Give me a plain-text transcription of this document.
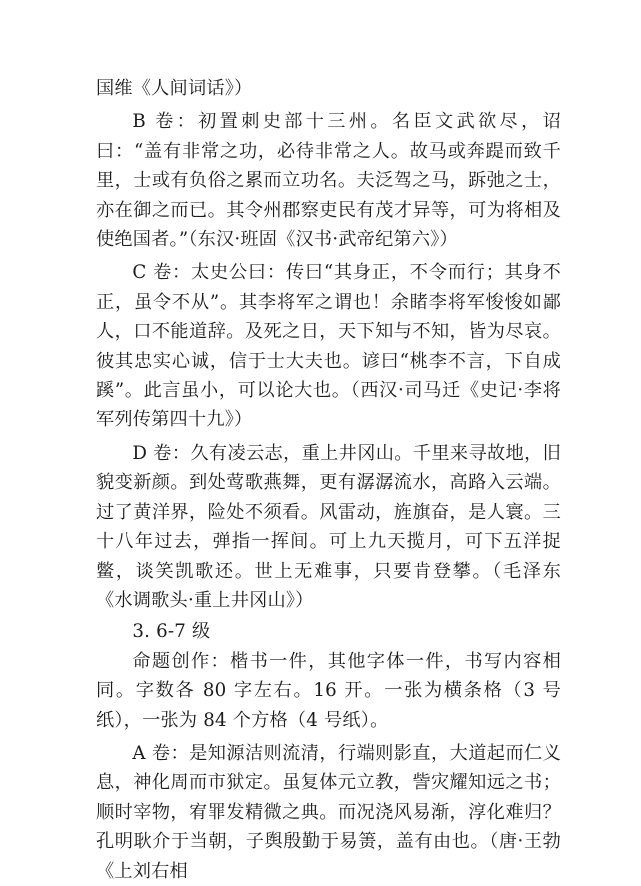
国维《人间词话》）

B 卷：初置刺史部十三州。名臣文武欲尽，诏曰：“盖有非常之功，必待非常之人。故马或奔踶而致千里，士或有负俗之累而立功名。夫泛驾之马，跅弛之士，亦在御之而已。其令州郡察吏民有茂才异等，可为将相及使绝国者。”（东汉·班固《汉书·武帝纪第六》）

C 卷：太史公曰：传曰“其身正，不令而行；其身不正，虽令不从”。其李将军之谓也！余睹李将军悛悛如鄙人，口不能道辞。及死之日，天下知与不知，皆为尽哀。彼其忠实心诚，信于士大夫也。谚曰“桃李不言，下自成蹊”。此言虽小，可以论大也。（西汉·司马迁《史记·李将军列传第四十九》）

D 卷：久有凌云志，重上井冈山。千里来寻故地，旧貌变新颜。到处莺歌燕舞，更有潺潺流水，高路入云端。过了黄洋界，险处不须看。风雷动，旌旗奋，是人寰。三十八年过去，弹指一挥间。可上九天揽月，可下五洋捉鳖，谈笑凯歌还。世上无难事，只要肯登攀。（毛泽东《水调歌头·重上井冈山》）

3. 6-7 级

命题创作：楷书一件，其他字体一件，书写内容相同。字数各 80 字左右。16 开。一张为横条格（3 号纸），一张为 84 个方格（4 号纸）。

A 卷：是知源洁则流清，行端则影直，大道起而仁义息，神化周而市狱定。虽复体元立教，訾灾耀知远之书；顺时宰物，宥罪发精微之典。而况浇风易渐，淳化难归？孔明耿介于当朝，子舆殷勤于易箦，盖有由也。（唐·王勃《上刘右相
